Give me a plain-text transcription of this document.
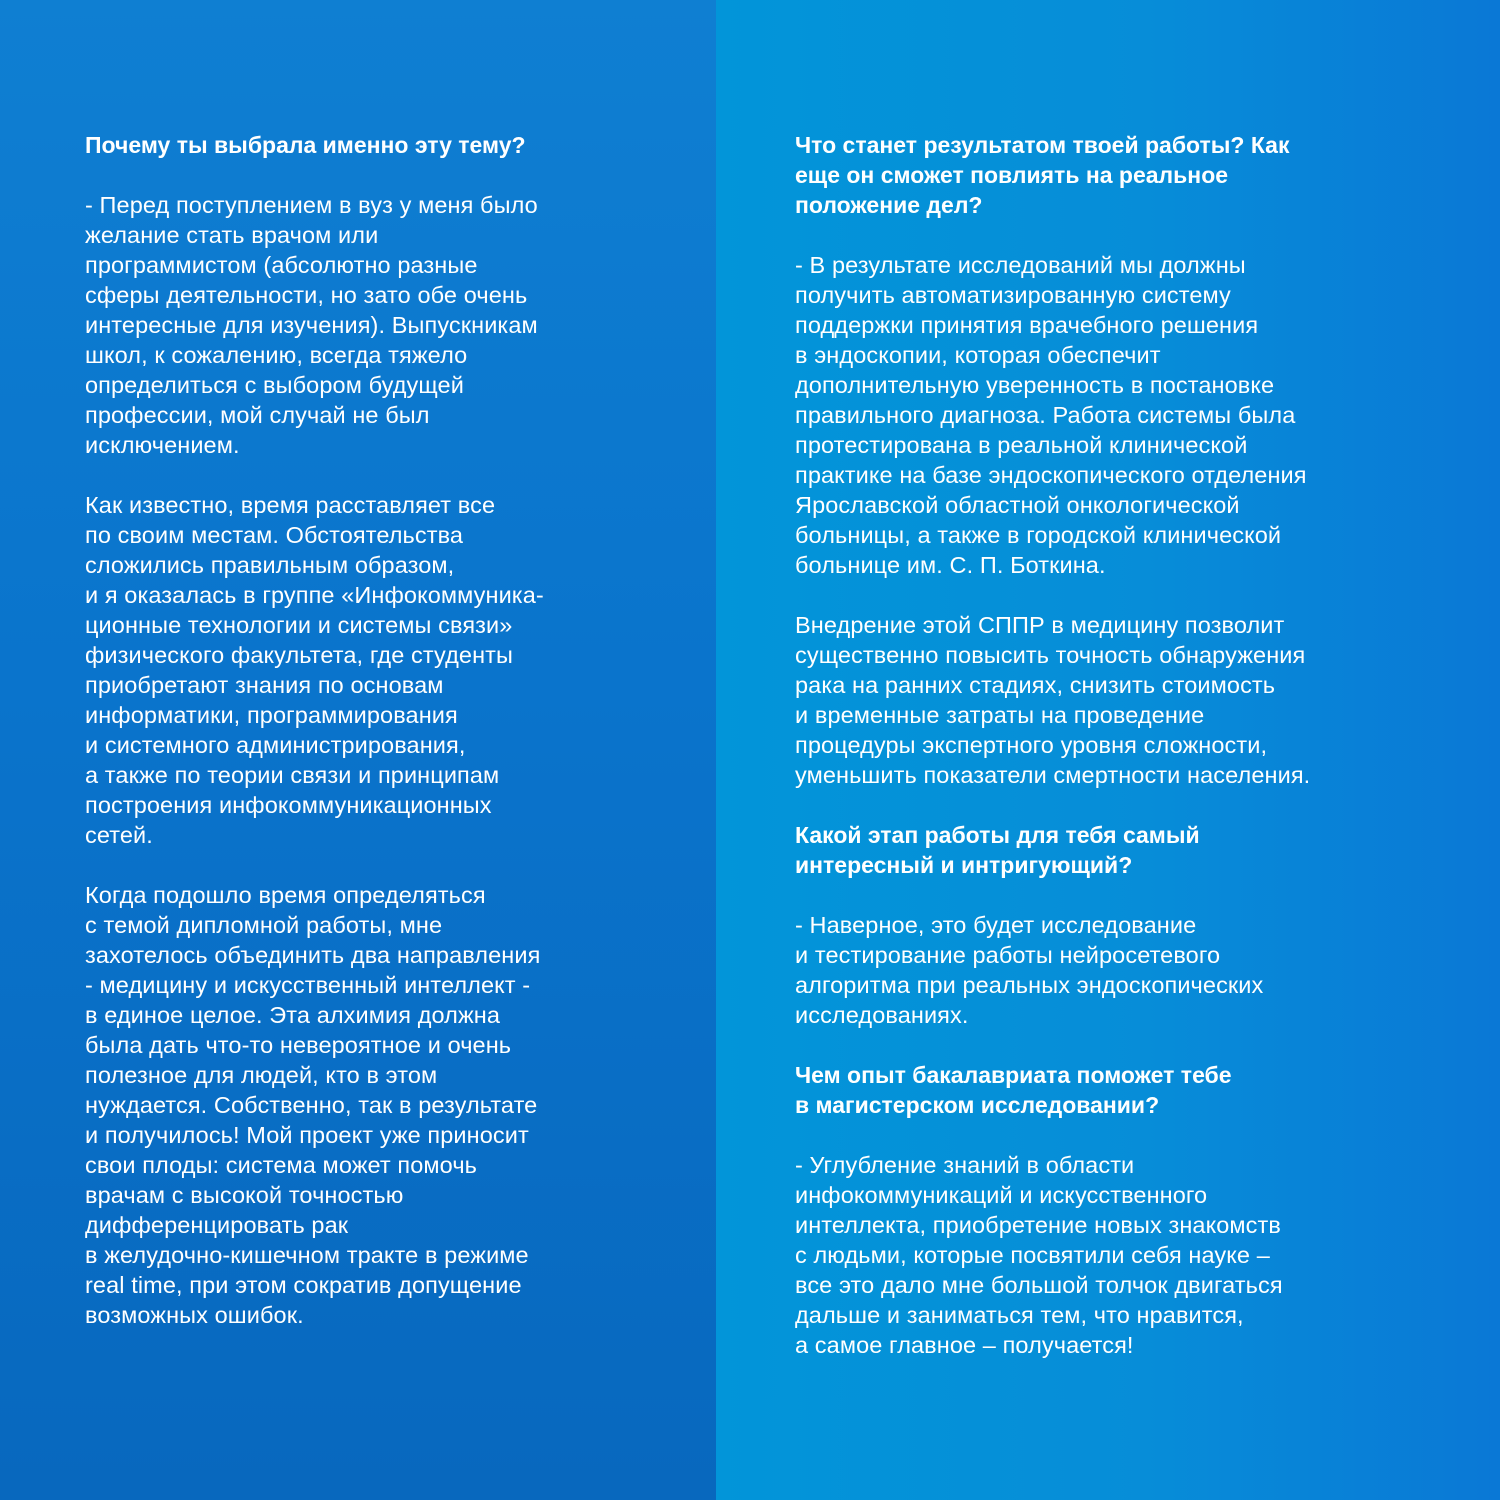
Почему ты выбрала именно эту тему?
- Перед поступлением в вуз у меня было
желание стать врачом или
программистом (абсолютно разные
сферы деятельности, но зато обе очень
интересные для изучения). Выпускникам
школ, к сожалению, всегда тяжело
определиться с выбором будущей
профессии, мой случай не был
исключением.
Как известно, время расставляет все
по своим местам. Обстоятельства
сложились правильным образом,
и я оказалась в группе «Инфокоммуника-
ционные технологии и системы связи»
физического факультета, где студенты
приобретают знания по основам
информатики, программирования
и системного администрирования,
а также по теории связи и принципам
построения инфокоммуникационных
сетей.
Когда подошло время определяться
с темой дипломной работы, мне
захотелось объединить два направления
- медицину и искусственный интеллект -
в единое целое. Эта алхимия должна
была дать что-то невероятное и очень
полезное для людей, кто в этом
нуждается. Собственно, так в результате
и получилось! Мой проект уже приносит
свои плоды: система может помочь
врачам с высокой точностью
дифференцировать рак
в желудочно-кишечном тракте в режиме
real time, при этом сократив допущение
возможных ошибок.
Что станет результатом твоей работы? Как
еще он сможет повлиять на реальное
положение дел?
- В результате исследований мы должны
получить автоматизированную систему
поддержки принятия врачебного решения
в эндоскопии, которая обеспечит
дополнительную уверенность в постановке
правильного диагноза. Работа системы была
протестирована в реальной клинической
практике на базе эндоскопического отделения
Ярославской областной онкологической
больницы, а также в городской клинической
больнице им. С. П. Боткина.
Внедрение этой СППР в медицину позволит
существенно повысить точность обнаружения
рака на ранних стадиях, снизить стоимость
и временные затраты на проведение
процедуры экспертного уровня сложности,
уменьшить показатели смертности населения.
Какой этап работы для тебя самый
интересный и интригующий?
- Наверное, это будет исследование
и тестирование работы нейросетевого
алгоритма при реальных эндоскопических
исследованиях.
Чем опыт бакалавриата поможет тебе
в магистерском исследовании?
- Углубление знаний в области
инфокоммуникаций и искусственного
интеллекта, приобретение новых знакомств
с людьми, которые посвятили себя науке –
все это дало мне большой толчок двигаться
дальше и заниматься тем, что нравится,
а самое главное – получается!
